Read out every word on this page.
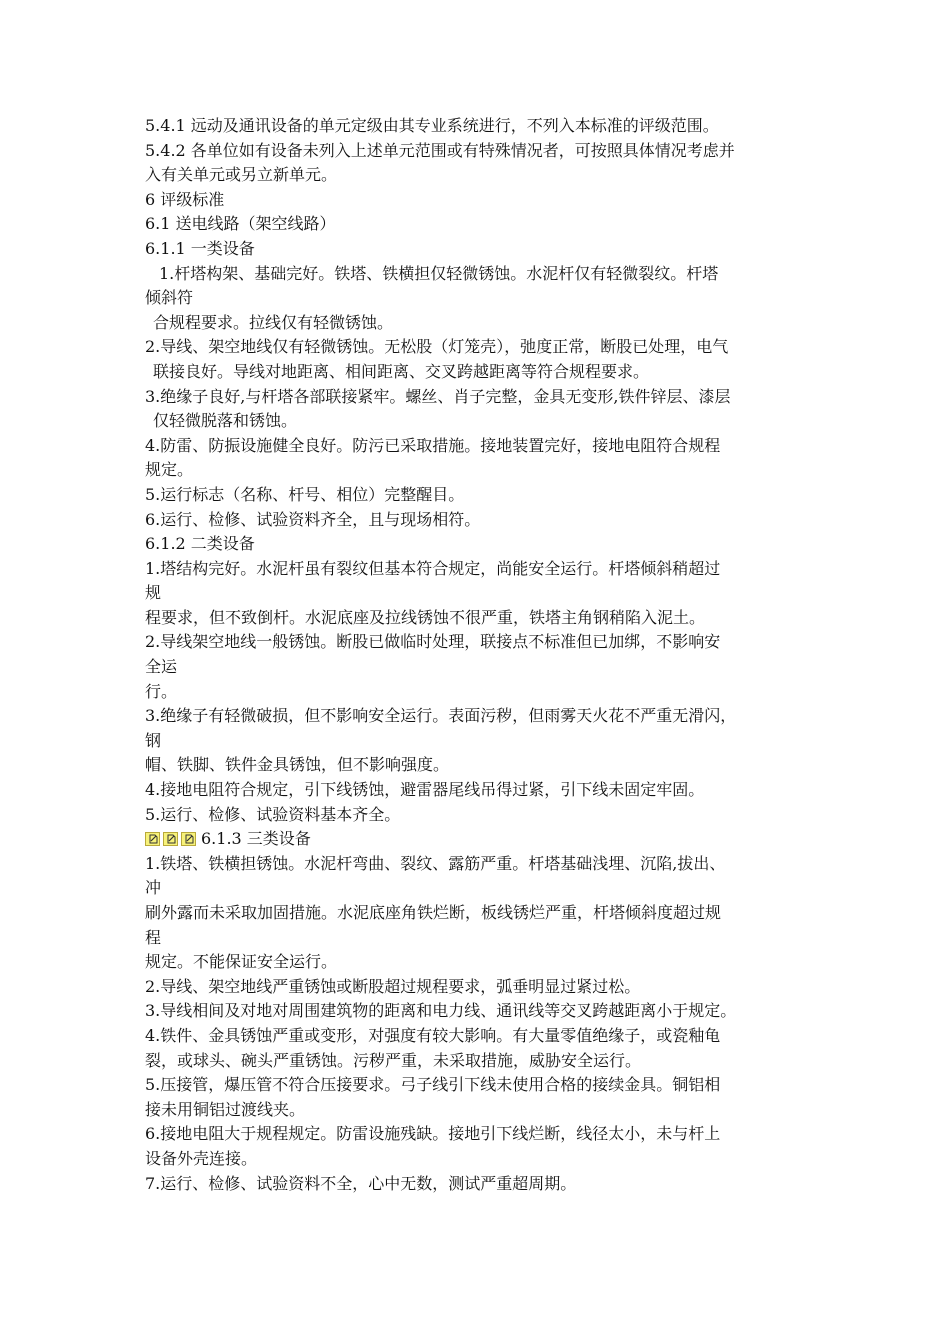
5.4.1 远动及通讯设备的单元定级由其专业系统进行，不列入本标准的评级范围。
5.4.2 各单位如有设备未列入上述单元范围或有特殊情况者，可按照具体情况考虑并
入有关单元或另立新单元。
6 评级标准
6.1 送电线路（架空线路）
6.1.1 一类设备
1.杆塔构架、基础完好。铁塔、铁横担仅轻微锈蚀。水泥杆仅有轻微裂纹。杆塔
倾斜符
合规程要求。拉线仅有轻微锈蚀。
2.导线、架空地线仅有轻微锈蚀。无松股（灯笼壳），弛度正常，断股已处理，电气
联接良好。导线对地距离、相间距离、交叉跨越距离等符合规程要求。
3.绝缘子良好,与杆塔各部联接紧牢。螺丝、肖子完整，金具无变形,铁件锌层、漆层
仅轻微脱落和锈蚀。
4.防雷、防振设施健全良好。防污已采取措施。接地装置完好，接地电阻符合规程
规定。
5.运行标志（名称、杆号、相位）完整醒目。
6.运行、检修、试验资料齐全，且与现场相符。
6.1.2 二类设备
1.塔结构完好。水泥杆虽有裂纹但基本符合规定，尚能安全运行。杆塔倾斜稍超过
规
程要求，但不致倒杆。水泥底座及拉线锈蚀不很严重，铁塔主角钢稍陷入泥土。
2.导线架空地线一般锈蚀。断股已做临时处理，联接点不标准但已加绑，不影响安
全运
行。
3.绝缘子有轻微破损，但不影响安全运行。表面污秽，但雨雾天火花不严重无滑闪，
钢
帽、铁脚、铁件金具锈蚀，但不影响强度。
4.接地电阻符合规定，引下线锈蚀，避雷器尾线吊得过紧，引下线未固定牢固。
5.运行、检修、试验资料基本齐全。
6.1.3 三类设备
1.铁塔、铁横担锈蚀。水泥杆弯曲、裂纹、露筋严重。杆塔基础浅埋、沉陷,拔出、
冲
刷外露而未采取加固措施。水泥底座角铁烂断，板线锈烂严重，杆塔倾斜度超过规
程
规定。不能保证安全运行。
2.导线、架空地线严重锈蚀或断股超过规程要求，弧垂明显过紧过松。
3.导线相间及对地对周围建筑物的距离和电力线、通讯线等交叉跨越距离小于规定。
4.铁件、金具锈蚀严重或变形，对强度有较大影响。有大量零值绝缘子，或瓷釉龟
裂，或球头、碗头严重锈蚀。污秽严重，未采取措施，威胁安全运行。
5.压接管，爆压管不符合压接要求。弓子线引下线未使用合格的接续金具。铜铝相
接未用铜铝过渡线夹。
6.接地电阻大于规程规定。防雷设施残缺。接地引下线烂断，线径太小，未与杆上
设备外壳连接。
7.运行、检修、试验资料不全，心中无数，测试严重超周期。
